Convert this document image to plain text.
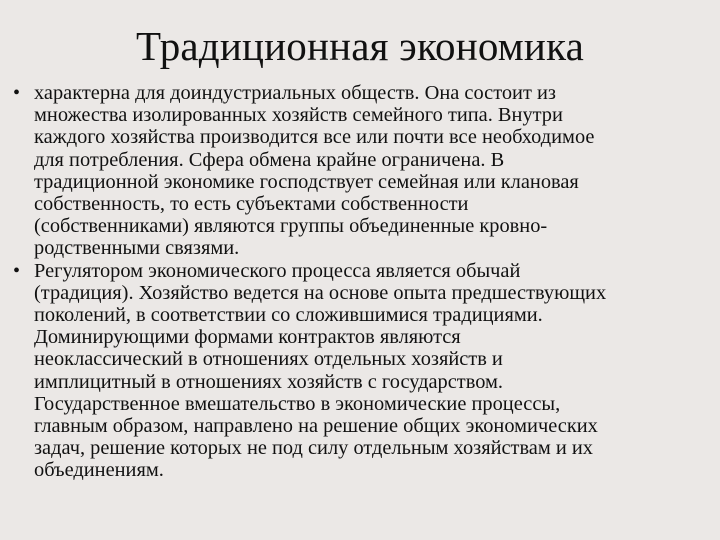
Традиционная экономика
• характерна для доиндустриальных обществ. Она состоит из
множества изолированных хозяйств семейного типа. Внутри
каждого хозяйства производится все или почти все необходимое
для потребления. Сфера обмена крайне ограничена. В
традиционной экономике господствует семейная или клановая
собственность, то есть субъектами собственности
(собственниками) являются группы объединенные кровно-
родственными связями.
• Регулятором экономического процесса является обычай
(традиция). Хозяйство ведется на основе опыта предшествующих
поколений, в соответствии со сложившимися традициями.
Доминирующими формами контрактов являются
неоклассический в отношениях отдельных хозяйств и
имплицитный в отношениях хозяйств с государством.
Государственное вмешательство в экономические процессы,
главным образом, направлено на решение общих экономических
задач, решение которых не под силу отдельным хозяйствам и их
объединениям.
